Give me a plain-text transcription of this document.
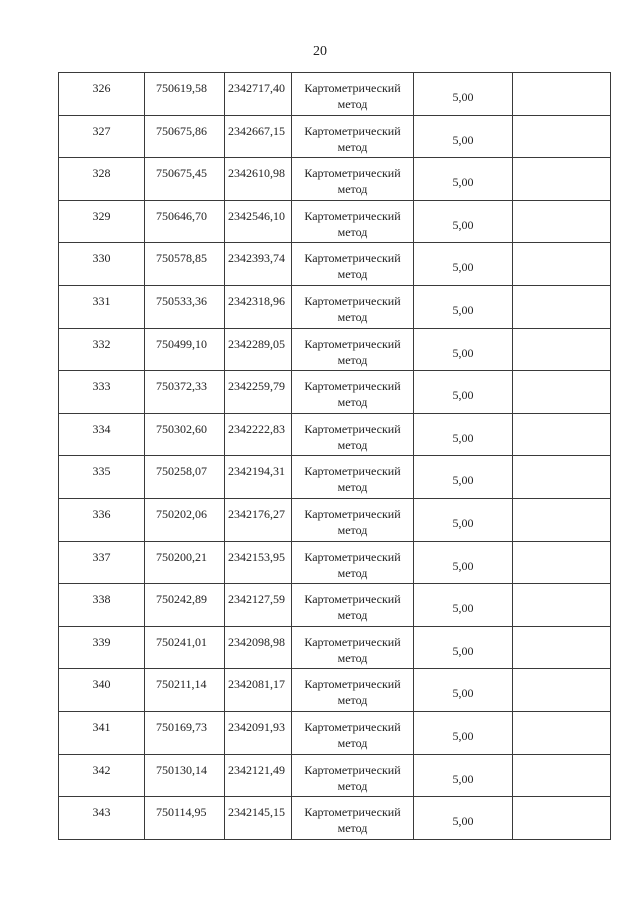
20
326	750619,58	2342717,40	Картометрический
метод	5,00	
327	750675,86	2342667,15	Картометрический
метод	5,00	
328	750675,45	2342610,98	Картометрический
метод	5,00	
329	750646,70	2342546,10	Картометрический
метод	5,00	
330	750578,85	2342393,74	Картометрический
метод	5,00	
331	750533,36	2342318,96	Картометрический
метод	5,00	
332	750499,10	2342289,05	Картометрический
метод	5,00	
333	750372,33	2342259,79	Картометрический
метод	5,00	
334	750302,60	2342222,83	Картометрический
метод	5,00	
335	750258,07	2342194,31	Картометрический
метод	5,00	
336	750202,06	2342176,27	Картометрический
метод	5,00	
337	750200,21	2342153,95	Картометрический
метод	5,00	
338	750242,89	2342127,59	Картометрический
метод	5,00	
339	750241,01	2342098,98	Картометрический
метод	5,00	
340	750211,14	2342081,17	Картометрический
метод	5,00	
341	750169,73	2342091,93	Картометрический
метод	5,00	
342	750130,14	2342121,49	Картометрический
метод	5,00	
343	750114,95	2342145,15	Картометрический
метод	5,00	
